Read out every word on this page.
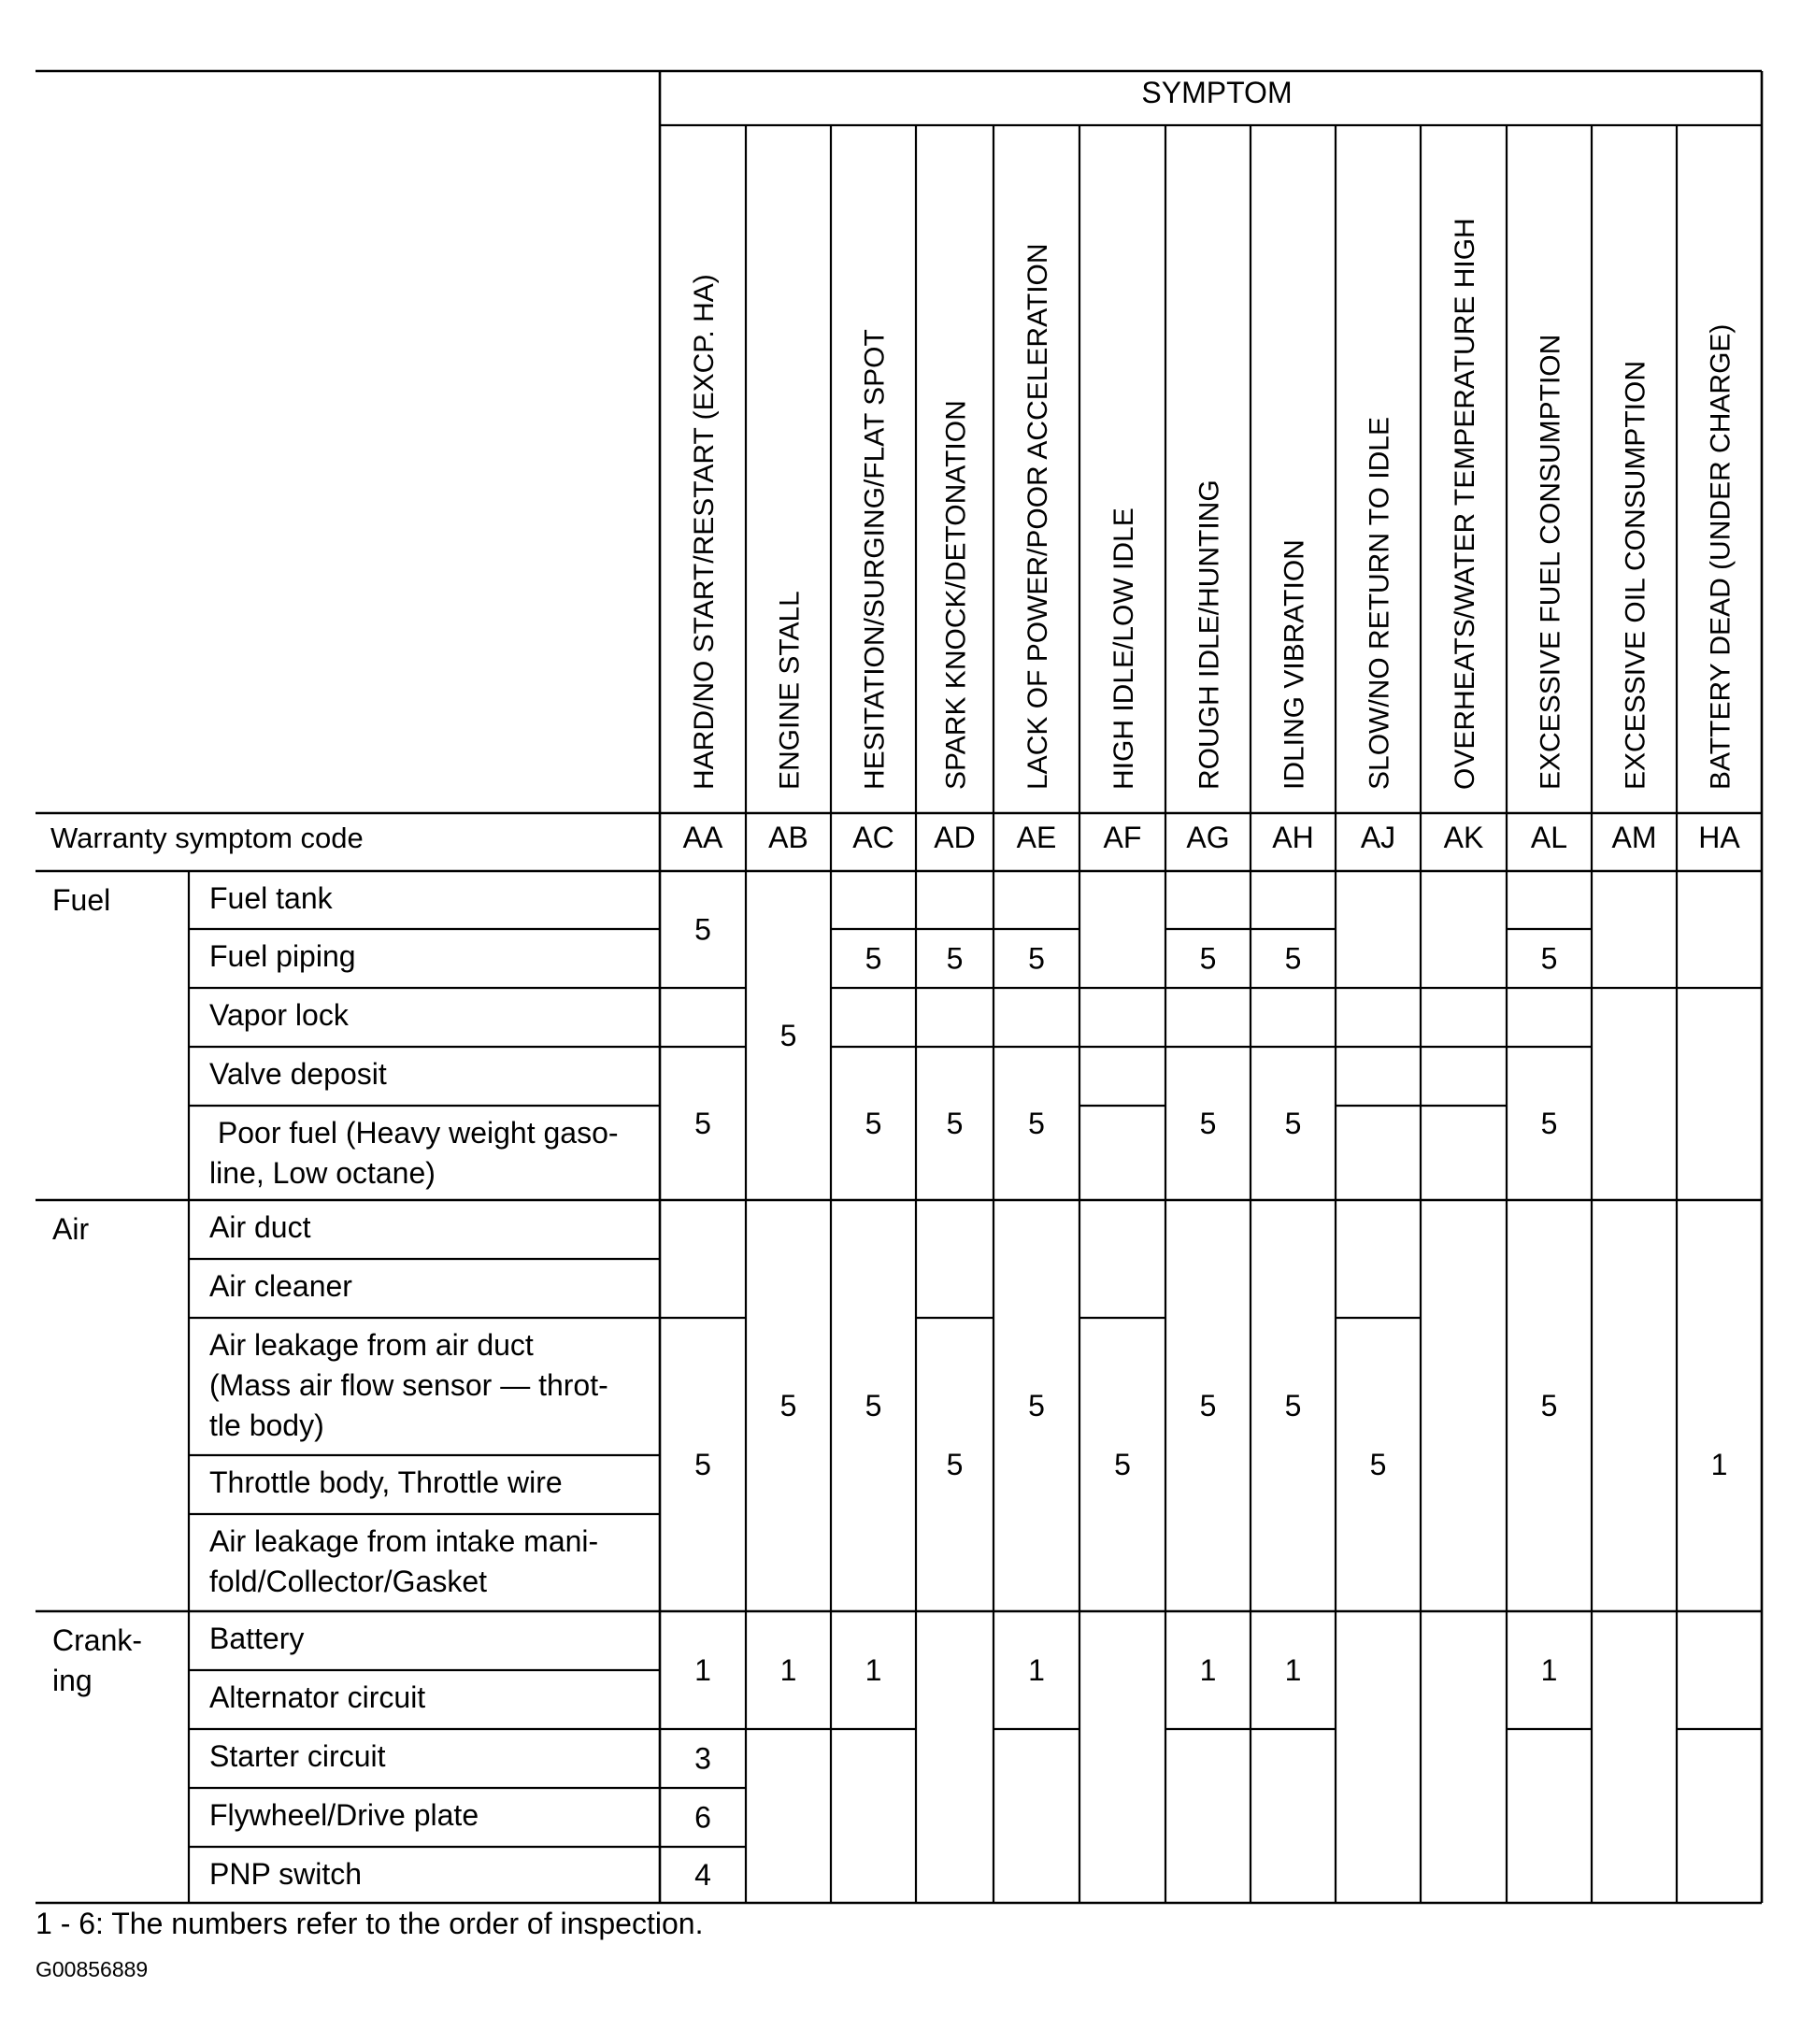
SYMPTOM
HARD/NO START/RESTART (EXCP. HA) ENGINE STALL HESITATION/SURGING/FLAT SPOT SPARK KNOCK/DETONATION LACK OF POWER/POOR ACCELERATION HIGH IDLE/LOW IDLE ROUGH IDLE/HUNTING IDLING VIBRATION SLOW/NO RETURN TO IDLE OVERHEATS/WATER TEMPERATURE HIGH EXCESSIVE FUEL CONSUMPTION EXCESSIVE OIL CONSUMPTION BATTERY DEAD (UNDER CHARGE)
Warranty symptom code	AA AB AC AD AE AF AG AH AJ AK AL AM HA
Fuel
Air
Crank-
ing
Fuel tank
Fuel piping
Vapor lock
Valve deposit
Poor fuel (Heavy weight gaso-
line, Low octane)
Air duct
Air cleaner
Air leakage from air duct
(Mass air flow sensor — throt-
tle body)
Throttle body, Throttle wire
Air leakage from intake mani-
fold/Collector/Gasket
Battery
Alternator circuit
Starter circuit
Flywheel/Drive plate
PNP switch
5
5
5
1
3
6
4
5
5
1
5
5
5
1
5
5
5
5
5
5
1
5
5
5
5
1
5
5
5
1
5
5
5
5
1
1
1 - 6: The numbers refer to the order of inspection.
G00856889
